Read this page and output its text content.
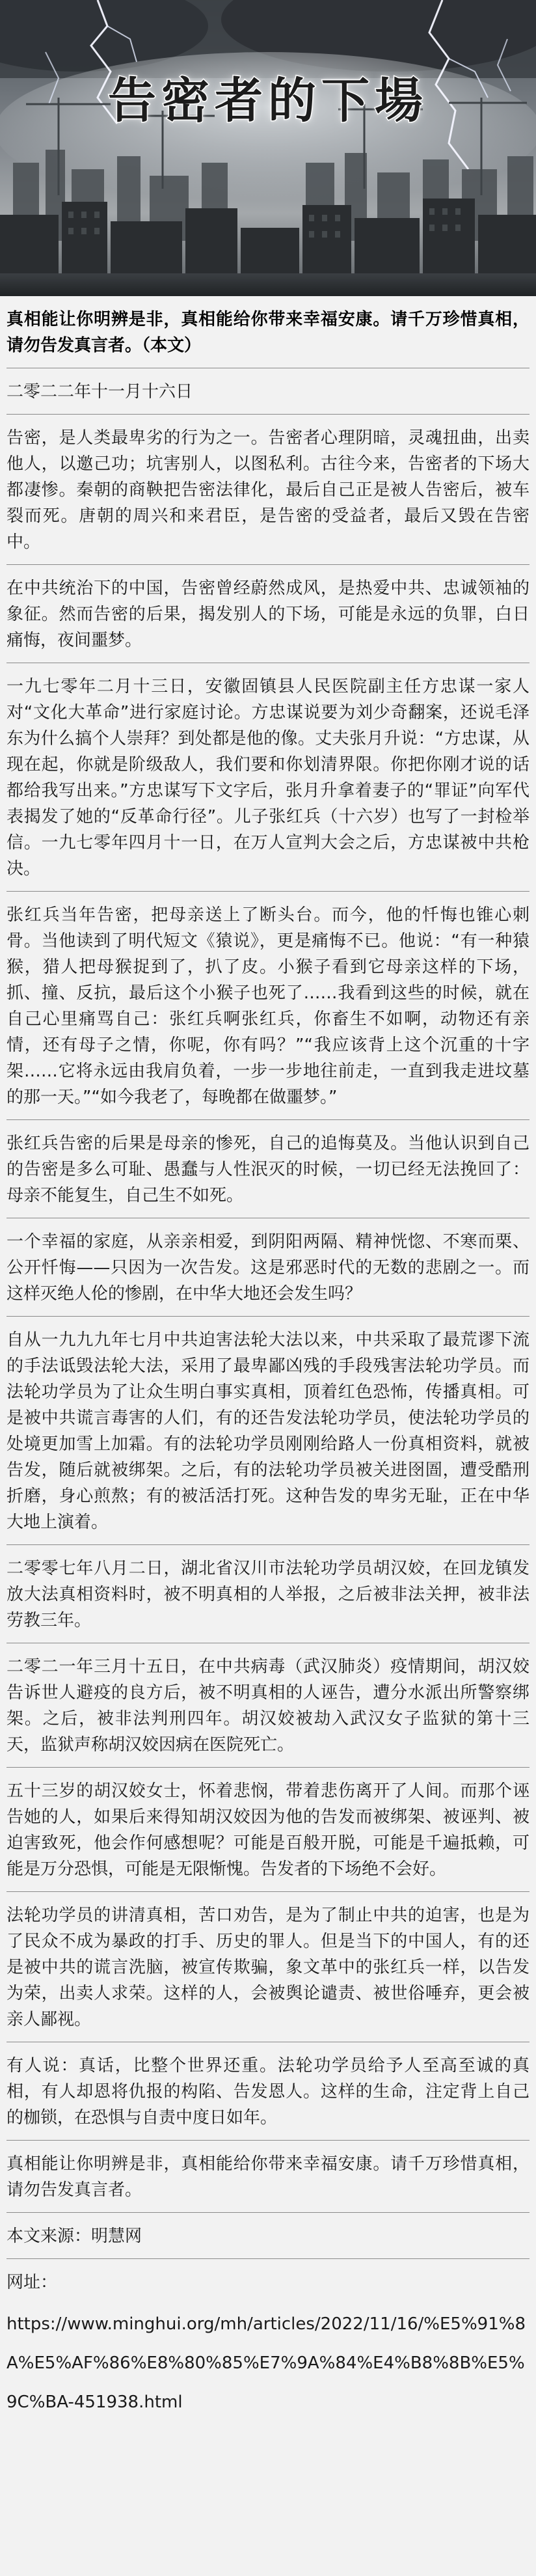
告密者的下場

真相能让你明辨是非，真相能给你带来幸福安康。请千万珍惜真相，请勿告发真言者。（本文）

二零二二年十一月十六日

告密，是人类最卑劣的行为之一。告密者心理阴暗，灵魂扭曲，出卖他人，以邀己功；坑害别人，以图私利。古往今来，告密者的下场大都凄惨。秦朝的商鞅把告密法律化，最后自己正是被人告密后，被车裂而死。唐朝的周兴和来君臣，是告密的受益者，最后又毁在告密中。

在中共统治下的中国，告密曾经蔚然成风，是热爱中共、忠诚领袖的象征。然而告密的后果，揭发别人的下场，可能是永远的负罪，白日痛悔，夜间噩梦。

一九七零年二月十三日，安徽固镇县人民医院副主任方忠谋一家人对“文化大革命”进行家庭讨论。方忠谋说要为刘少奇翻案，还说毛泽东为什么搞个人崇拜？到处都是他的像。丈夫张月升说：“方忠谋，从现在起，你就是阶级敌人，我们要和你划清界限。你把你刚才说的话都给我写出来。”方忠谋写下文字后，张月升拿着妻子的“罪证”向军代表揭发了她的“反革命行径”。儿子张红兵（十六岁）也写了一封检举信。一九七零年四月十一日，在万人宣判大会之后，方忠谋被中共枪决。

张红兵当年告密，把母亲送上了断头台。而今，他的忏悔也锥心刺骨。当他读到了明代短文《猿说》，更是痛悔不已。他说：“有一种猿猴，猎人把母猴捉到了，扒了皮。小猴子看到它母亲这样的下场，抓、撞、反抗，最后这个小猴子也死了……我看到这些的时候，就在自己心里痛骂自己：张红兵啊张红兵，你畜生不如啊，动物还有亲情，还有母子之情，你呢，你有吗？”“我应该背上这个沉重的十字架……它将永远由我肩负着，一步一步地往前走，一直到我走进坟墓的那一天。”“如今我老了，每晚都在做噩梦。”

张红兵告密的后果是母亲的惨死，自己的追悔莫及。当他认识到自己的告密是多么可耻、愚蠢与人性泯灭的时候，一切已经无法挽回了：母亲不能复生，自己生不如死。

一个幸福的家庭，从亲亲相爱，到阴阳两隔、精神恍惚、不寒而栗、公开忏悔——只因为一次告发。这是邪恶时代的无数的悲剧之一。而这样灭绝人伦的惨剧，在中华大地还会发生吗？

自从一九九九年七月中共迫害法轮大法以来，中共采取了最荒谬下流的手法诋毁法轮大法，采用了最卑鄙凶残的手段残害法轮功学员。而法轮功学员为了让众生明白事实真相，顶着红色恐怖，传播真相。可是被中共谎言毒害的人们，有的还告发法轮功学员，使法轮功学员的处境更加雪上加霜。有的法轮功学员刚刚给路人一份真相资料，就被告发，随后就被绑架。之后，有的法轮功学员被关进囹圄，遭受酷刑折磨，身心煎熬；有的被活活打死。这种告发的卑劣无耻，正在中华大地上演着。

二零零七年八月二日，湖北省汉川市法轮功学员胡汉姣，在回龙镇发放大法真相资料时，被不明真相的人举报，之后被非法关押，被非法劳教三年。

二零二一年三月十五日，在中共病毒（武汉肺炎）疫情期间，胡汉姣告诉世人避疫的良方后，被不明真相的人诬告，遭分水派出所警察绑架。之后，被非法判刑四年。胡汉姣被劫入武汉女子监狱的第十三天，监狱声称胡汉姣因病在医院死亡。

五十三岁的胡汉姣女士，怀着悲悯，带着悲伤离开了人间。而那个诬告她的人，如果后来得知胡汉姣因为他的告发而被绑架、被诬判、被迫害致死，他会作何感想呢？可能是百般开脱，可能是千遍抵赖，可能是万分恐惧，可能是无限惭愧。告发者的下场绝不会好。

法轮功学员的讲清真相，苦口劝告，是为了制止中共的迫害，也是为了民众不成为暴政的打手、历史的罪人。但是当下的中国人，有的还是被中共的谎言洗脑，被宣传欺骗，象文革中的张红兵一样，以告发为荣，出卖人求荣。这样的人，会被舆论谴责、被世俗唾弃，更会被亲人鄙视。

有人说：真话，比整个世界还重。法轮功学员给予人至高至诚的真相，有人却恩将仇报的构陷、告发恩人。这样的生命，注定背上自己的枷锁，在恐惧与自责中度日如年。

真相能让你明辨是非，真相能给你带来幸福安康。请千万珍惜真相，请勿告发真言者。

本文来源：明慧网

网址：

https://www.minghui.org/mh/articles/2022/11/16/%E5%91%8A%E5%AF%86%E8%80%85%E7%9A%84%E4%B8%8B%E5%9C%BA-451938.html
